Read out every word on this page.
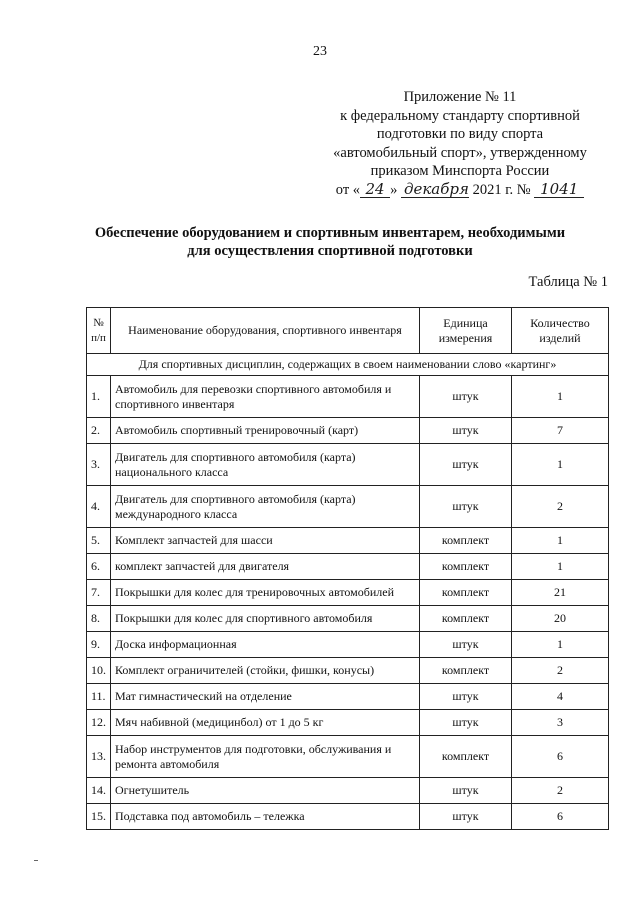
23
Приложение № 11
к федеральному стандарту спортивной
подготовки по виду спорта
«автомобильный спорт», утвержденному
приказом Минспорта России
от « 24 » декабря 2021 г. № 1041
Обеспечение оборудованием и спортивным инвентарем, необходимыми
для осуществления спортивной подготовки
Таблица № 1
№ п/п	Наименование оборудования, спортивного инвентаря	Единица измерения	Количество изделий
Для спортивных дисциплин, содержащих в своем наименовании слово «картинг»			
1.	Автомобиль для перевозки спортивного автомобиля и спортивного инвентаря	штук	1
2.	Автомобиль спортивный тренировочный (карт)	штук	7
3.	Двигатель для спортивного автомобиля (карта) национального класса	штук	1
4.	Двигатель для спортивного автомобиля (карта) международного класса	штук	2
5.	Комплект запчастей для шасси	комплект	1
6.	комплект запчастей для двигателя	комплект	1
7.	Покрышки для колес для тренировочных автомобилей	комплект	21
8.	Покрышки для колес для спортивного автомобиля	комплект	20
9.	Доска информационная	штук	1
10.	Комплект ограничителей (стойки, фишки, конусы)	комплект	2
11.	Мат гимнастический на отделение	штук	4
12.	Мяч набивной (медицинбол) от 1 до 5 кг	штук	3
13.	Набор инструментов для подготовки, обслуживания и ремонта автомобиля	комплект	6
14.	Огнетушитель	штук	2
15.	Подставка под автомобиль – тележка	штук	6
